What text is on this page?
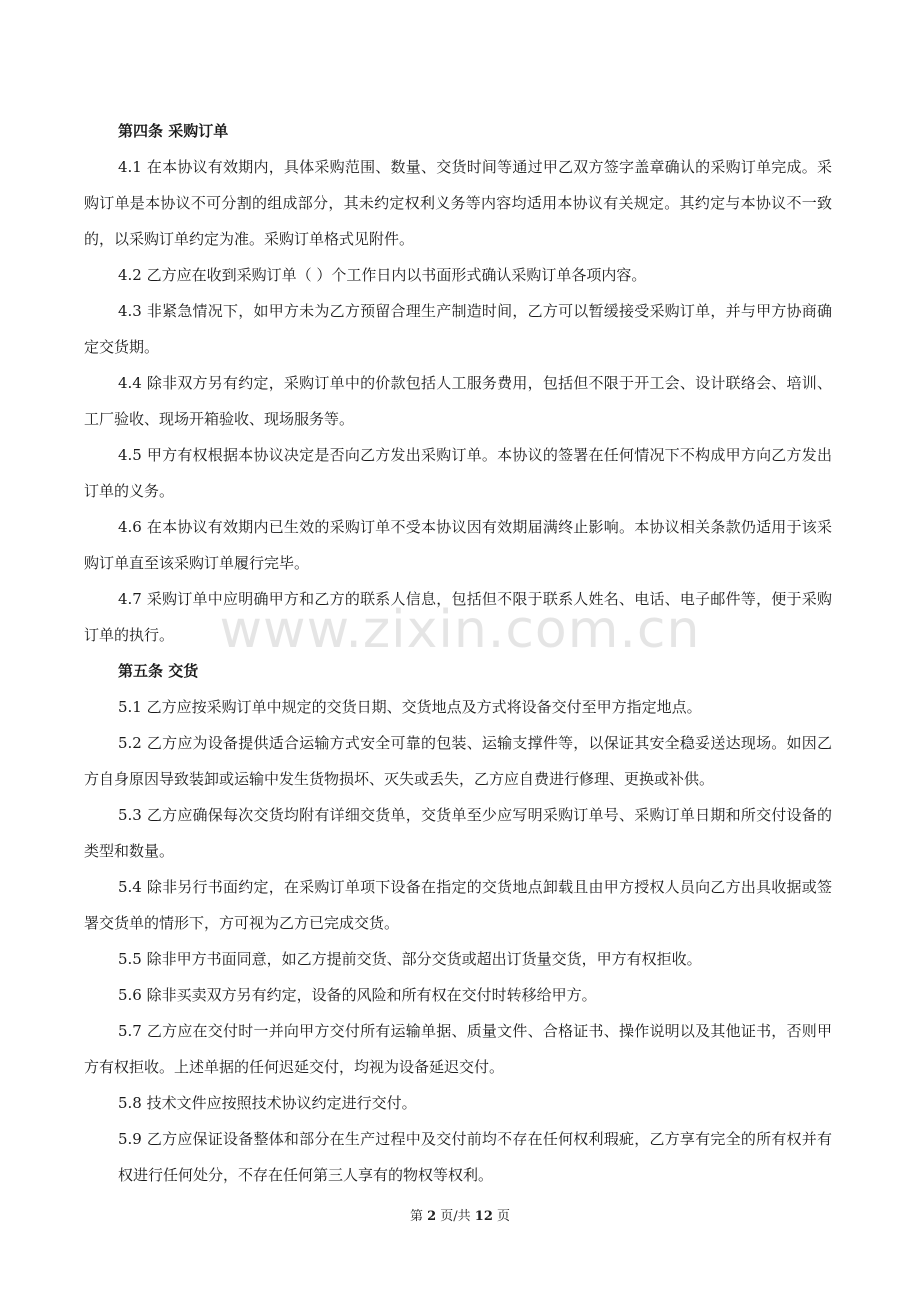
第四条 采购订单

4.1 在本协议有效期内，具体采购范围、数量、交货时间等通过甲乙双方签字盖章确认的采购订单完成。采购订单是本协议不可分割的组成部分，其未约定权利义务等内容均适用本协议有关规定。其约定与本协议不一致的，以采购订单约定为准。采购订单格式见附件。

4.2 乙方应在收到采购订单（ ）个工作日内以书面形式确认采购订单各项内容。

4.3 非紧急情况下，如甲方未为乙方预留合理生产制造时间，乙方可以暂缓接受采购订单，并与甲方协商确定交货期。

4.4 除非双方另有约定，采购订单中的价款包括人工服务费用，包括但不限于开工会、设计联络会、培训、工厂验收、现场开箱验收、现场服务等。

4.5 甲方有权根据本协议决定是否向乙方发出采购订单。本协议的签署在任何情况下不构成甲方向乙方发出订单的义务。

4.6 在本协议有效期内已生效的采购订单不受本协议因有效期届满终止影响。本协议相关条款仍适用于该采购订单直至该采购订单履行完毕。

4.7 采购订单中应明确甲方和乙方的联系人信息，包括但不限于联系人姓名、电话、电子邮件等，便于采购订单的执行。

第五条 交货

5.1 乙方应按采购订单中规定的交货日期、交货地点及方式将设备交付至甲方指定地点。

5.2 乙方应为设备提供适合运输方式安全可靠的包装、运输支撑件等，以保证其安全稳妥送达现场。如因乙方自身原因导致装卸或运输中发生货物损坏、灭失或丢失，乙方应自费进行修理、更换或补供。

5.3 乙方应确保每次交货均附有详细交货单，交货单至少应写明采购订单号、采购订单日期和所交付设备的类型和数量。

5.4 除非另行书面约定，在采购订单项下设备在指定的交货地点卸载且由甲方授权人员向乙方出具收据或签署交货单的情形下，方可视为乙方已完成交货。

5.5 除非甲方书面同意，如乙方提前交货、部分交货或超出订货量交货，甲方有权拒收。

5.6 除非买卖双方另有约定，设备的风险和所有权在交付时转移给甲方。

5.7 乙方应在交付时一并向甲方交付所有运输单据、质量文件、合格证书、操作说明以及其他证书，否则甲方有权拒收。上述单据的任何迟延交付，均视为设备延迟交付。

5.8 技术文件应按照技术协议约定进行交付。

5.9 乙方应保证设备整体和部分在生产过程中及交付前均不存在任何权利瑕疵，乙方享有完全的所有权并有权进行任何处分，不存在任何第三人享有的物权等权利。

www.zixin.com.cn
第 2 页/共 12 页
